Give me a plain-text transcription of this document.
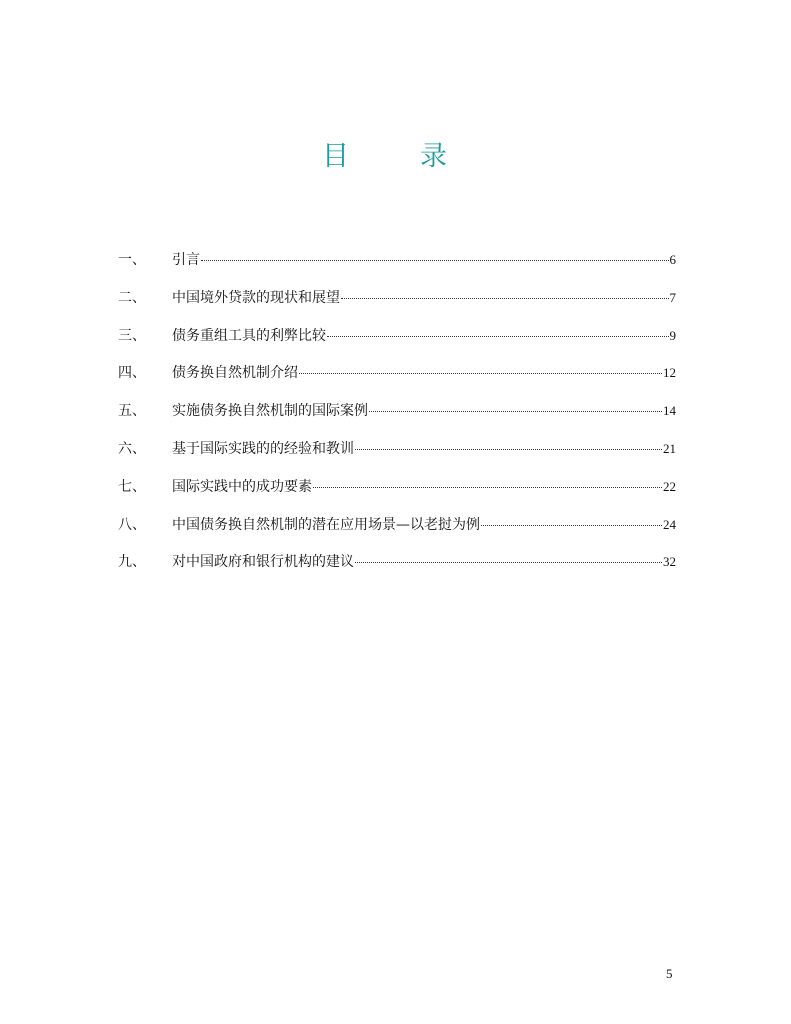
目　录
一、	引言	6
二、	中国境外贷款的现状和展望	7
三、	债务重组工具的利弊比较	9
四、	债务换自然机制介绍	12
五、	实施债务换自然机制的国际案例	14
六、	基于国际实践的的经验和教训	21
七、	国际实践中的成功要素	22
八、	中国债务换自然机制的潜在应用场景—以老挝为例	24
九、	对中国政府和银行机构的建议	32
5
